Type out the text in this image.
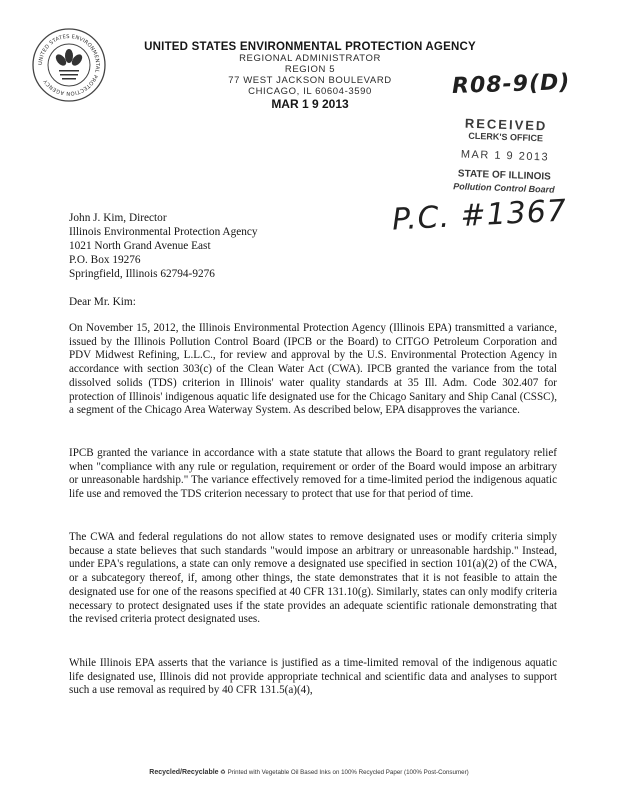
UNITED STATES ENVIRONMENTAL PROTECTION AGENCY
UNITED STATES ENVIRONMENTAL PROTECTION AGENCY
REGIONAL ADMINISTRATOR
REGION 5
77 WEST JACKSON BOULEVARD
CHICAGO, IL 60604-3590
MAR 1 9 2013
R08-9(D)
RECEIVED
CLERK'S OFFICE
MAR 1 9 2013
STATE OF ILLINOIS
Pollution Control Board
P.C. #1367
John J. Kim, Director
Illinois Environmental Protection Agency
1021 North Grand Avenue East
P.O. Box 19276
Springfield, Illinois 62794-9276
Dear Mr. Kim:

On November 15, 2012, the Illinois Environmental Protection Agency (Illinois EPA) transmitted a variance, issued by the Illinois Pollution Control Board (IPCB or the Board) to CITGO Petroleum Corporation and PDV Midwest Refining, L.L.C., for review and approval by the U.S. Environmental Protection Agency in accordance with section 303(c) of the Clean Water Act (CWA). IPCB granted the variance from the total dissolved solids (TDS) criterion in Illinois' water quality standards at 35 Ill. Adm. Code 302.407 for protection of Illinois' indigenous aquatic life designated use for the Chicago Sanitary and Ship Canal (CSSC), a segment of the Chicago Area Waterway System. As described below, EPA disapproves the variance.

IPCB granted the variance in accordance with a state statute that allows the Board to grant regulatory relief when "compliance with any rule or regulation, requirement or order of the Board would impose an arbitrary or unreasonable hardship." The variance effectively removed for a time-limited period the indigenous aquatic life use and removed the TDS criterion necessary to protect that use for that period of time.

The CWA and federal regulations do not allow states to remove designated uses or modify criteria simply because a state believes that such standards "would impose an arbitrary or unreasonable hardship." Instead, under EPA's regulations, a state can only remove a designated use specified in section 101(a)(2) of the CWA, or a subcategory thereof, if, among other things, the state demonstrates that it is not feasible to attain the designated use for one of the reasons specified at 40 CFR 131.10(g). Similarly, states can only modify criteria necessary to protect designated uses if the state provides an adequate scientific rationale demonstrating that the revised criteria protect designated uses.

While Illinois EPA asserts that the variance is justified as a time-limited removal of the indigenous aquatic life designated use, Illinois did not provide appropriate technical and scientific data and analyses to support such a use removal as required by 40 CFR 131.5(a)(4),

Recycled/Recyclable ♻ Printed with Vegetable Oil Based Inks on 100% Recycled Paper (100% Post-Consumer)
